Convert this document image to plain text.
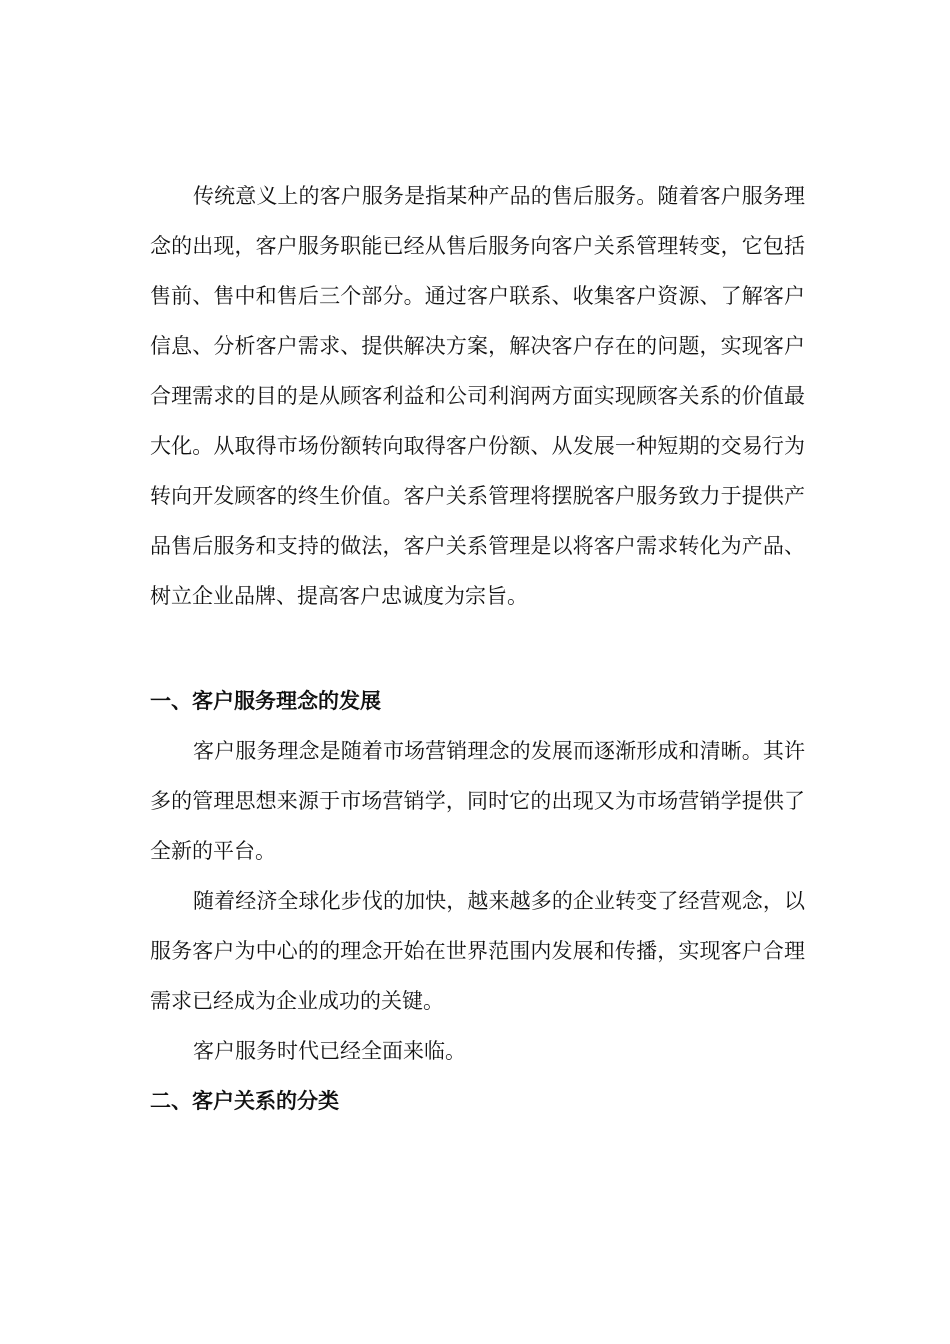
传统意义上的客户服务是指某种产品的售后服务。随着客户服务理念的出现，客户服务职能已经从售后服务向客户关系管理转变，它包括售前、售中和售后三个部分。通过客户联系、收集客户资源、了解客户信息、分析客户需求、提供解决方案，解决客户存在的问题，实现客户合理需求的目的是从顾客利益和公司利润两方面实现顾客关系的价值最大化。从取得市场份额转向取得客户份额、从发展一种短期的交易行为转向开发顾客的终生价值。客户关系管理将摆脱客户服务致力于提供产品售后服务和支持的做法，客户关系管理是以将客户需求转化为产品、树立企业品牌、提高客户忠诚度为宗旨。

一、客户服务理念的发展

客户服务理念是随着市场营销理念的发展而逐渐形成和清晰。其许多的管理思想来源于市场营销学，同时它的出现又为市场营销学提供了全新的平台。

随着经济全球化步伐的加快，越来越多的企业转变了经营观念，以服务客户为中心的的理念开始在世界范围内发展和传播，实现客户合理需求已经成为企业成功的关键。

客户服务时代已经全面来临。

二、客户关系的分类
